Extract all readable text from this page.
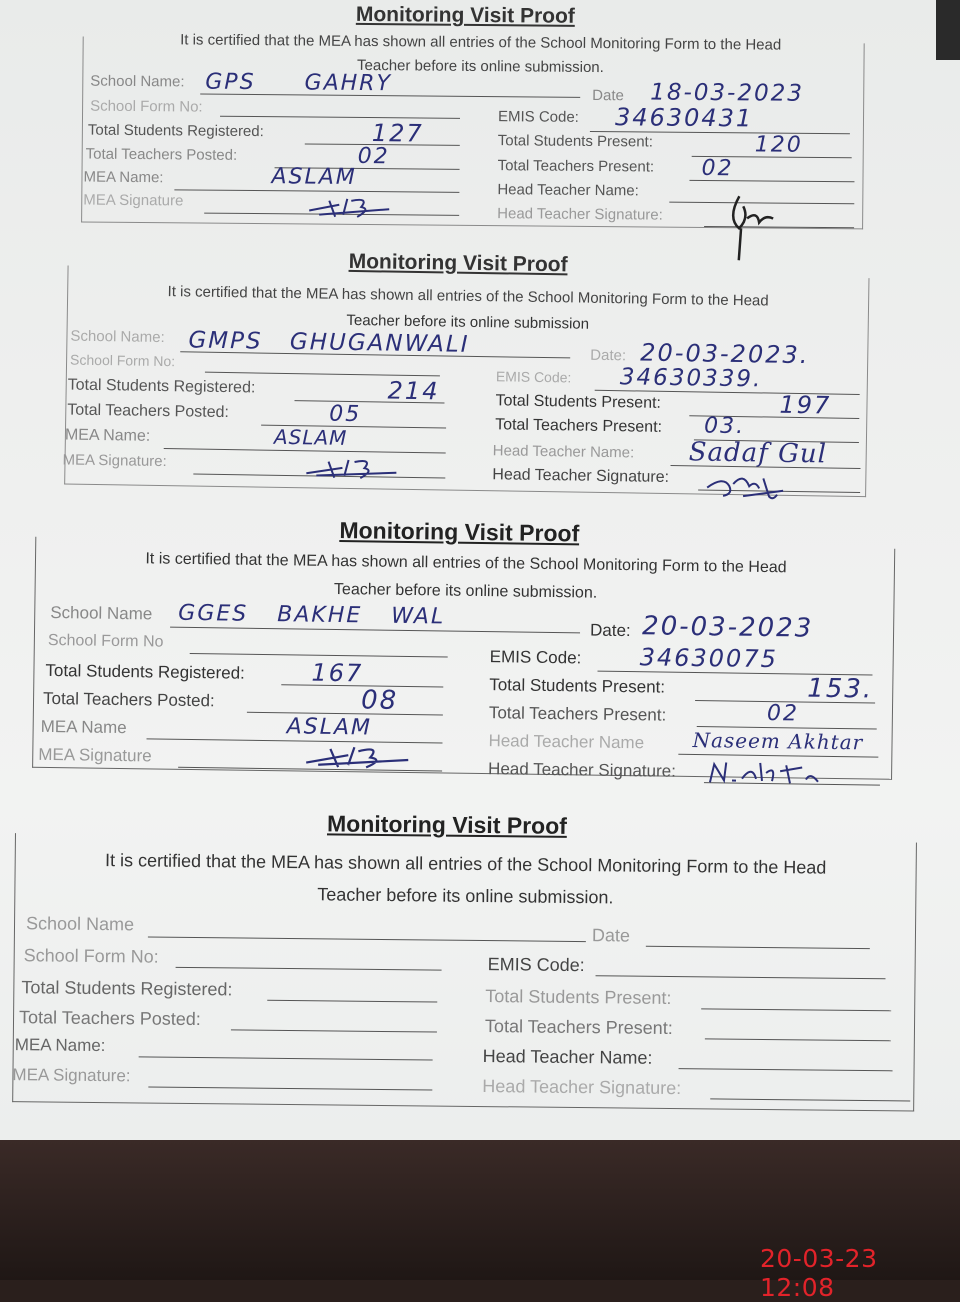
Monitoring Visit Proof
It is certified that the MEA has shown all entries of the School Monitoring Form to the Head
Teacher before its online submission.
School Name: GPS GAHRY	Date 18-03-2023
School Form No:
EMIS Code: 34630431
Total Students Registered:	127	Total Students Present:	120
Total Teachers Posted:	02	Total Teachers Present: 02
MEA Name:	ASLAM
Head Teacher Name:
MEA Signature
Head Teacher Signature:
Monitoring Visit Proof
It is certified that the MEA has shown all entries of the School Monitoring Form to the Head
Teacher before its online submission
School Name: GMPS GHUGANWALI	Date: 20-03-2023.
School Form No:
EMIS Code: 34630339.
Total Students Registered:	214	Total Students Present:	197
Total Teachers Posted:	05	Total Teachers Present: 03.
MEA Name:	ASLAM
Head Teacher Name: Sadaf Gul
MEA Signature:
Head Teacher Signature:
Monitoring Visit Proof
It is certified that the MEA has shown all entries of the School Monitoring Form to the Head
Teacher before its online submission.
School Name GGES BAKHE WAL
Date: 20-03-2023
School Form No
EMIS Code: 34630075
Total Students Registered:	167	Total Students Present:	153.
Total Teachers Posted:	08	Total Teachers Present:	02
MEA Name	ASLAM
Head Teacher Name Naseem Akhtar
MEA Signature
Head Teacher Signature:
Monitoring Visit Proof
It is certified that the MEA has shown all entries of the School Monitoring Form to the Head
Teacher before its online submission.
School Name
Date
School Form No:	EMIS Code:
Total Students Registered:	Total Students Present:
Total Teachers Posted:	Total Teachers Present:
MEA Name:
Head Teacher Name:
MEA Signature:
Head Teacher Signature:
20-03-23 12:08
